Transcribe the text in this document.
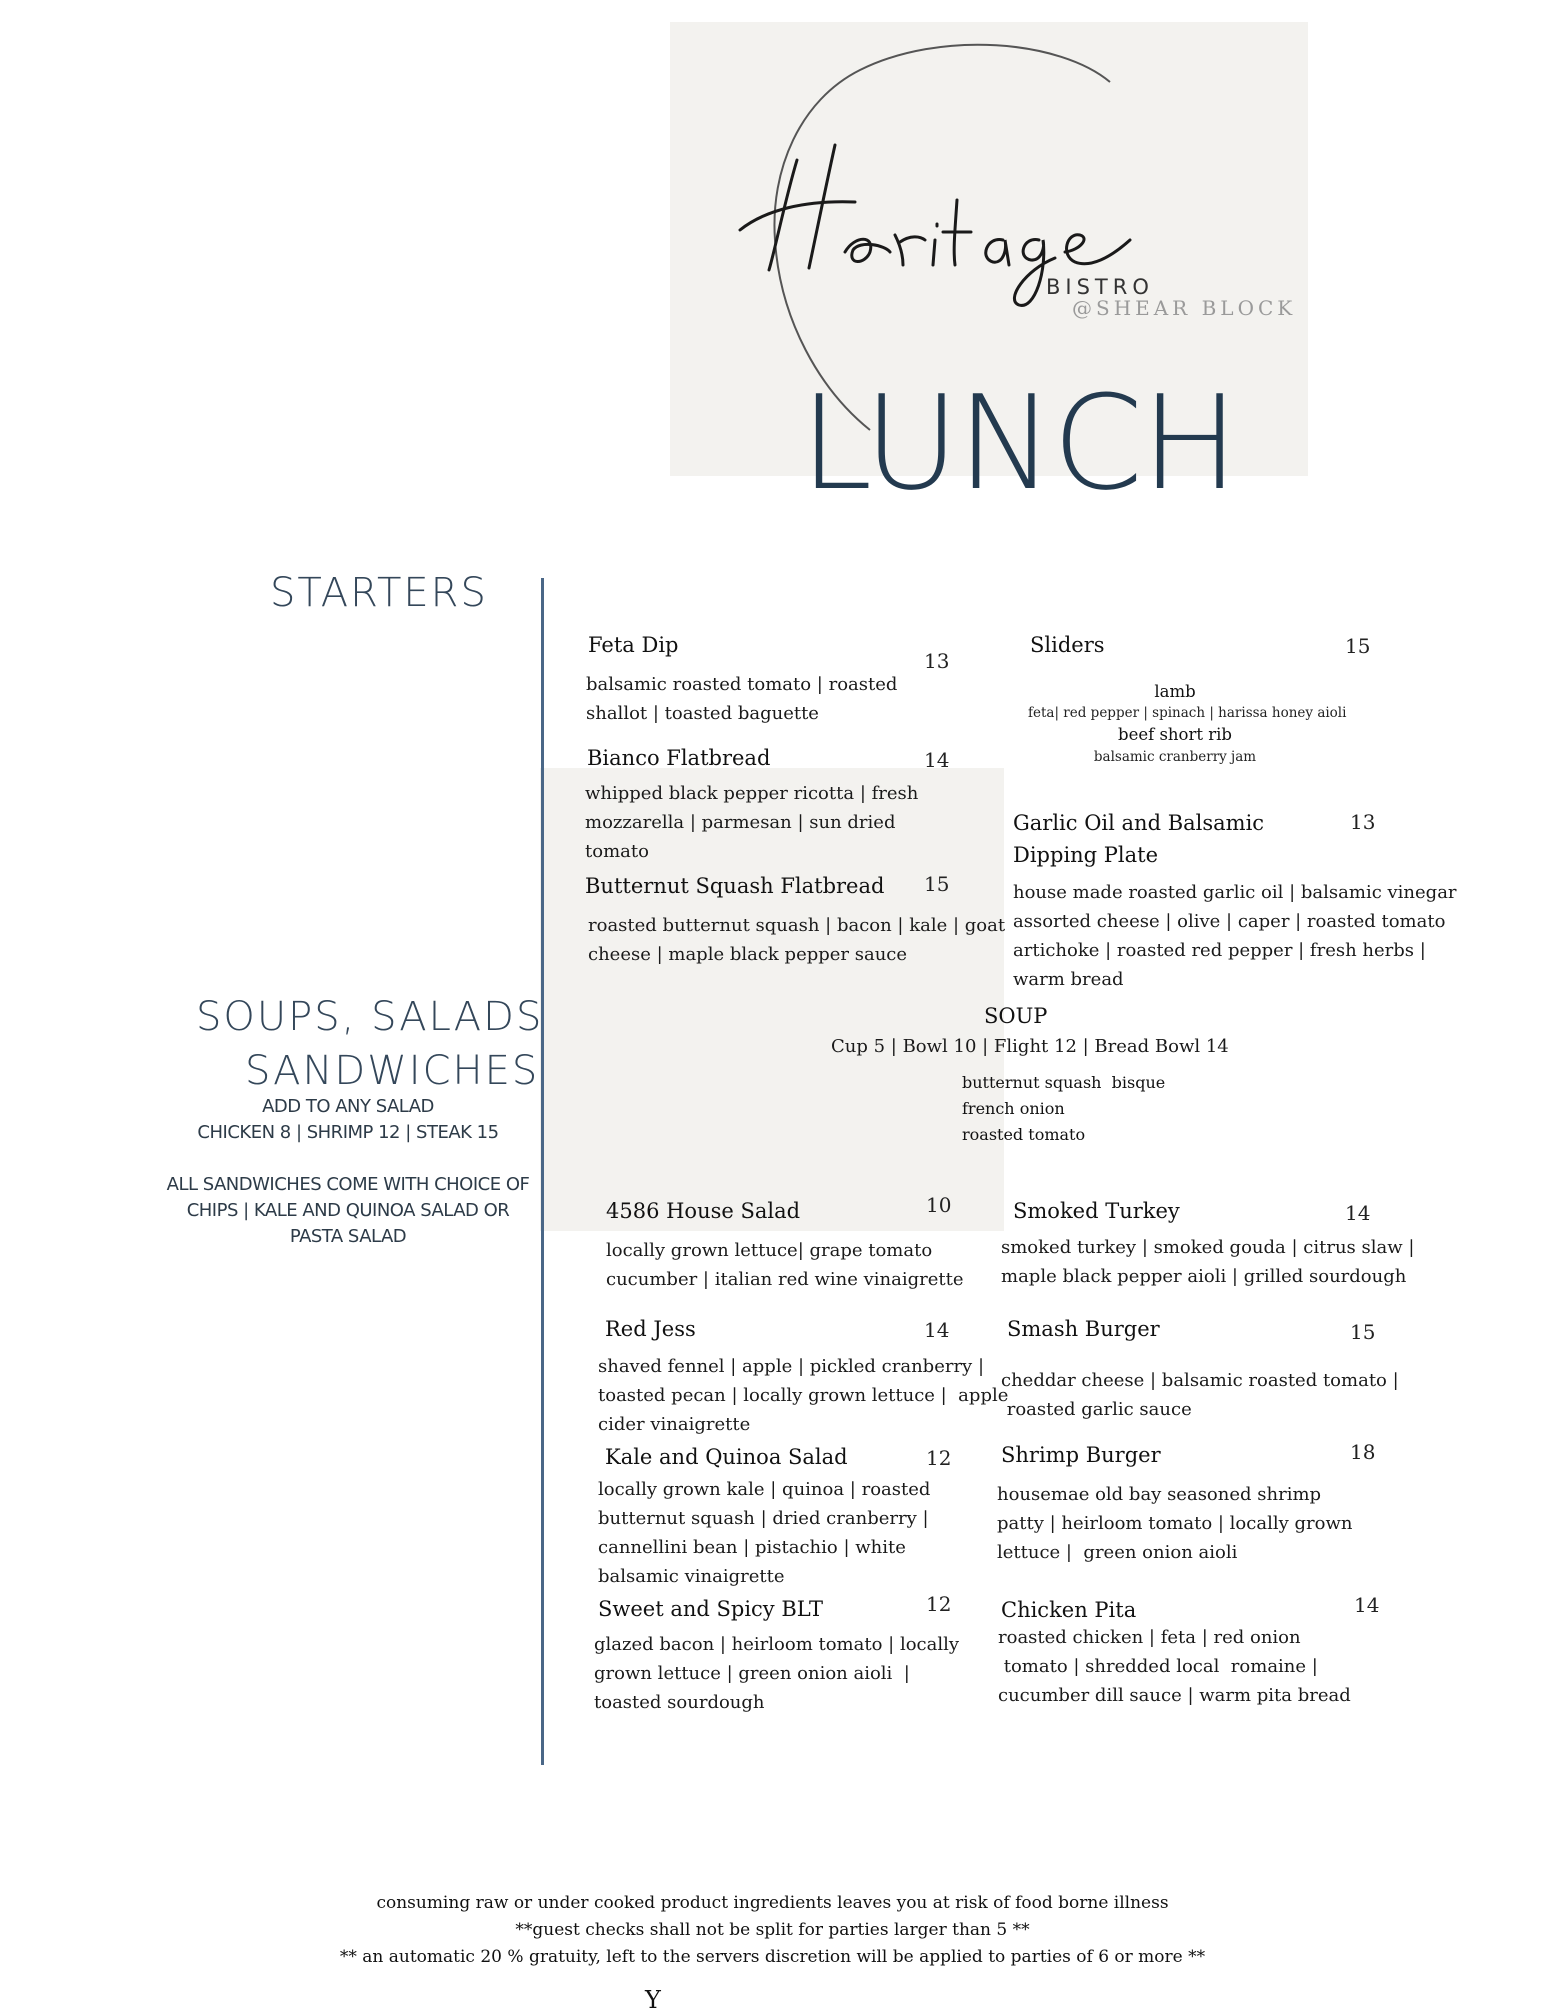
BISTRO
@SHEAR BLOCK
LUNCH
STARTERS
SOUPS, SALADS
SANDWICHES
ADD TO ANY SALAD
CHICKEN 8 | SHRIMP 12 | STEAK 15
ALL SANDWICHES COME WITH CHOICE OF
CHIPS | KALE AND QUINOA SALAD OR
PASTA SALAD
Feta Dip
13
balsamic roasted tomato | roasted
shallot | toasted baguette
Bianco Flatbread	14
whipped black pepper ricotta | fresh
mozzarella | parmesan | sun dried
tomato
Butternut Squash Flatbread 15
roasted butternut squash | bacon | kale | goat
cheese | maple black pepper sauce
Sliders	15
lamb
feta| red pepper | spinach | harissa honey aioli
beef short rib
balsamic cranberry jam
Garlic Oil and Balsamic
Dipping Plate
13
house made roasted garlic oil | balsamic vinegar
assorted cheese | olive | caper | roasted tomato
artichoke | roasted red pepper | fresh herbs |
warm bread
SOUP
Cup 5 | Bowl 10 | Flight 12 | Bread Bowl 14
butternut squash  bisque
french onion
roasted tomato
4586 House Salad	10
locally grown lettuce| grape tomato
cucumber | italian red wine vinaigrette
Red Jess	14
shaved fennel | apple | pickled cranberry |
toasted pecan | locally grown lettuce |  apple
cider vinaigrette
Kale and Quinoa Salad	12
locally grown kale | quinoa | roasted
butternut squash | dried cranberry |
cannellini bean | pistachio | white
balsamic vinaigrette
Sweet and Spicy BLT	12
glazed bacon | heirloom tomato | locally
grown lettuce | green onion aioli  |
toasted sourdough
Smoked Turkey	14
smoked turkey | smoked gouda | citrus slaw |
maple black pepper aioli | grilled sourdough
Smash Burger	15
cheddar cheese | balsamic roasted tomato |
roasted garlic sauce
Shrimp Burger	18
housemae old bay seasoned shrimp
patty | heirloom tomato | locally grown
lettuce |  green onion aioli
Chicken Pita	14
roasted chicken | feta | red onion
tomato | shredded local  romaine |
cucumber dill sauce | warm pita bread
consuming raw or under cooked product ingredients leaves you at risk of food borne illness
**guest checks shall not be split for parties larger than 5 **
** an automatic 20 % gratuity, left to the servers discretion will be applied to parties of 6 or more **
Y
